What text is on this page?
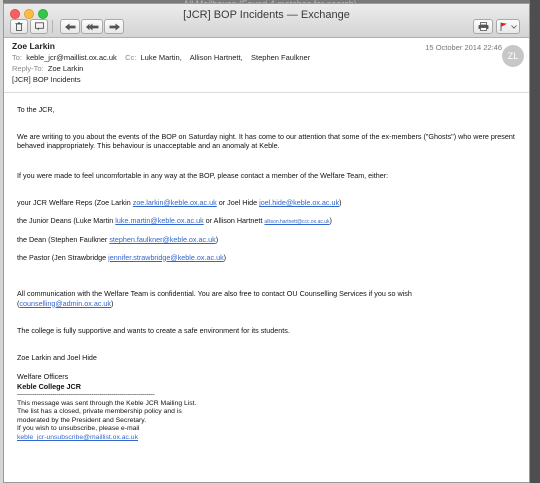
[JCR] BOP Incidents — Exchange
Zoe Larkin
To: keble_jcr@maillist.ox.ac.uk Cc: Luke Martin, Allison Hartnett, Stephen Faulkner
Reply-To: Zoe Larkin
[JCR] BOP Incidents
15 October 2014 22:46
ZL

To the JCR,

We are writing to you about the events of the BOP on Saturday night. It has come to our attention that some of the ex-members ("Ghosts") who were present behaved inappropriately. This behaviour is unacceptable and an anomaly at Keble.

If you were made to feel uncomfortable in any way at the BOP, please contact a member of the Welfare Team, either:

your JCR Welfare Reps (Zoe Larkin zoe.larkin@keble.ox.ac.uk or Joel Hide joel.hide@keble.ox.ac.uk)

the Junior Deans (Luke Martin luke.martin@keble.ox.ac.uk or Allison Hartnett allison.hartnett@ccc.ox.ac.uk)

the Dean (Stephen Faulkner stephen.faulkner@keble.ox.ac.uk)

the Pastor (Jen Strawbridge jennifer.strawbridge@keble.ox.ac.uk)

All communication with the Welfare Team is confidential. You are also free to contact OU Counselling Services if you so wish
(counselling@admin.ox.ac.uk)

The college is fully supportive and wants to create a safe environment for its students.

Zoe Larkin and Joel Hide

Welfare Officers

Keble College JCR

----------------------------------------------------------------------
This message was sent through the Keble JCR Mailing List.
The list has a closed, private membership policy and is
moderated by the President and Secretary.
If you wish to unsubscribe, please e-mail
keble_jcr-unsubscribe@maillist.ox.ac.uk
